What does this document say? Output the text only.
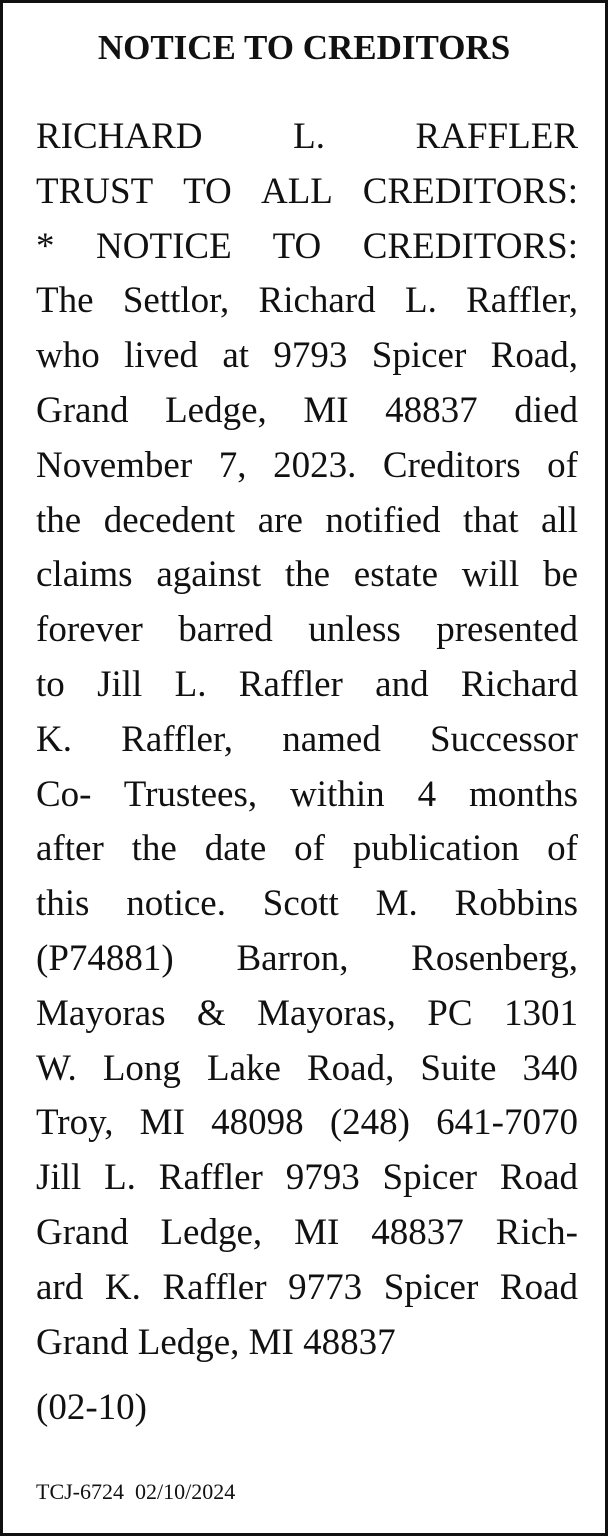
NOTICE TO CREDITORS
RICHARD L. RAFFLER
TRUST TO ALL CREDITORS:
* NOTICE TO CREDITORS:
The Settlor, Richard L. Raffler,
who lived at 9793 Spicer Road,
Grand Ledge, MI 48837 died
November 7, 2023. Creditors of
the decedent are notified that all
claims against the estate will be
forever barred unless presented
to Jill L. Raffler and Richard
K. Raffler, named Successor
Co- Trustees, within 4 months
after the date of publication of
this notice. Scott M. Robbins
(P74881) Barron, Rosenberg,
Mayoras & Mayoras, PC 1301
W. Long Lake Road, Suite 340
Troy, MI 48098 (248) 641-7070
Jill L. Raffler 9793 Spicer Road
Grand Ledge, MI 48837 Rich-
ard K. Raffler 9773 Spicer Road
Grand Ledge, MI 48837
(02-10)
TCJ-6724  02/10/2024
